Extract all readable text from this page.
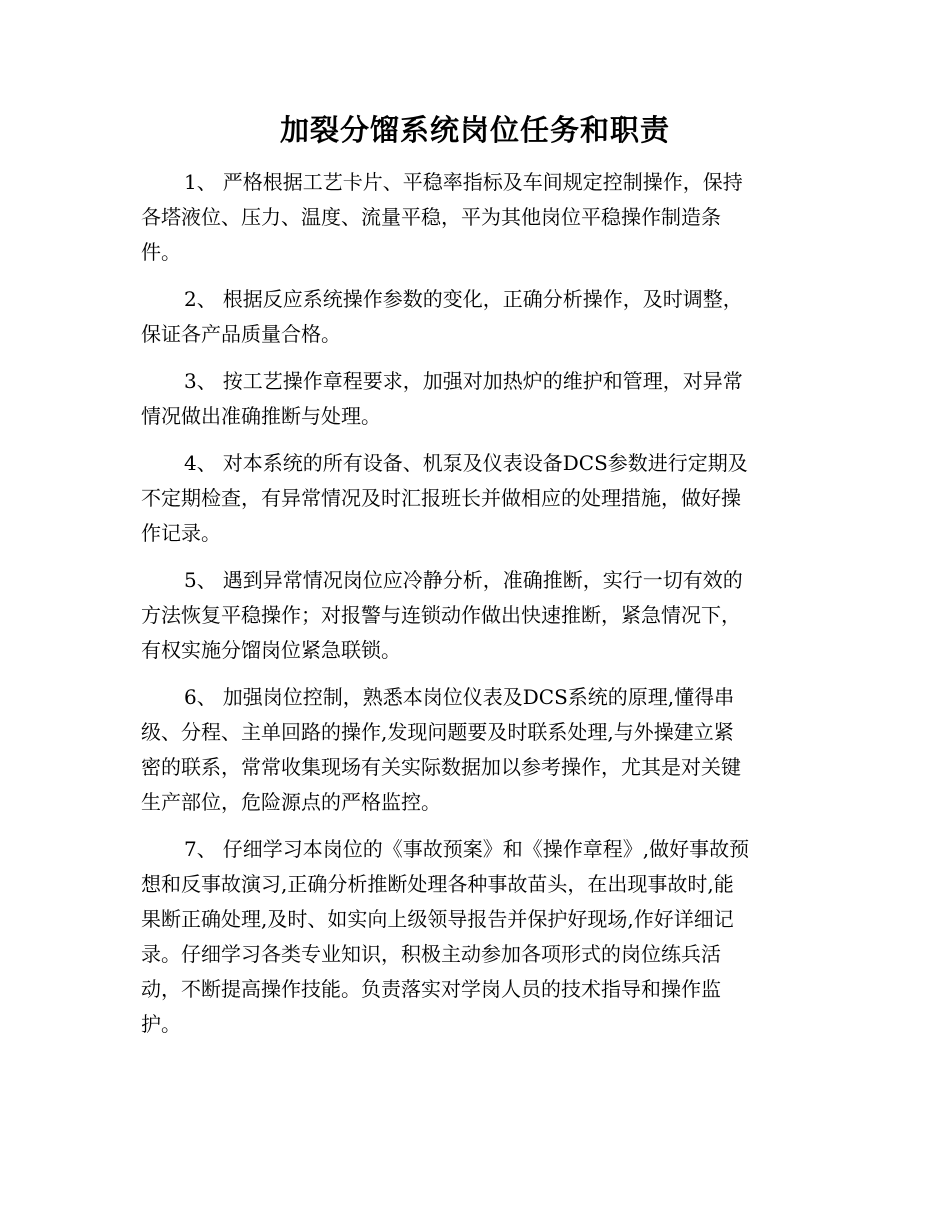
加裂分馏系统岗位任务和职责
1、 严格根据工艺卡片、平稳率指标及车间规定控制操作，保持
各塔液位、压力、温度、流量平稳，平为其他岗位平稳操作制造条
件。
2、 根据反应系统操作参数的变化，正确分析操作，及时调整，
保证各产品质量合格。
3、 按工艺操作章程要求，加强对加热炉的维护和管理，对异常
情况做出准确推断与处理。
4、 对本系统的所有设备、机泵及仪表设备DCS参数进行定期及
不定期检查，有异常情况及时汇报班长并做相应的处理措施，做好操
作记录。
5、 遇到异常情况岗位应冷静分析，准确推断，实行一切有效的
方法恢复平稳操作；对报警与连锁动作做出快速推断，紧急情况下，
有权实施分馏岗位紧急联锁。
6、 加强岗位控制，熟悉本岗位仪表及DCS系统的原理,懂得串
级、分程、主单回路的操作,发现问题要及时联系处理,与外操建立紧
密的联系，常常收集现场有关实际数据加以参考操作，尤其是对关键
生产部位，危险源点的严格监控。
7、 仔细学习本岗位的《事故预案》和《操作章程》,做好事故预
想和反事故演习,正确分析推断处理各种事故苗头，在出现事故时,能
果断正确处理,及时、如实向上级领导报告并保护好现场,作好详细记
录。仔细学习各类专业知识，积极主动参加各项形式的岗位练兵活
动，不断提高操作技能。负责落实对学岗人员的技术指导和操作监
护。
